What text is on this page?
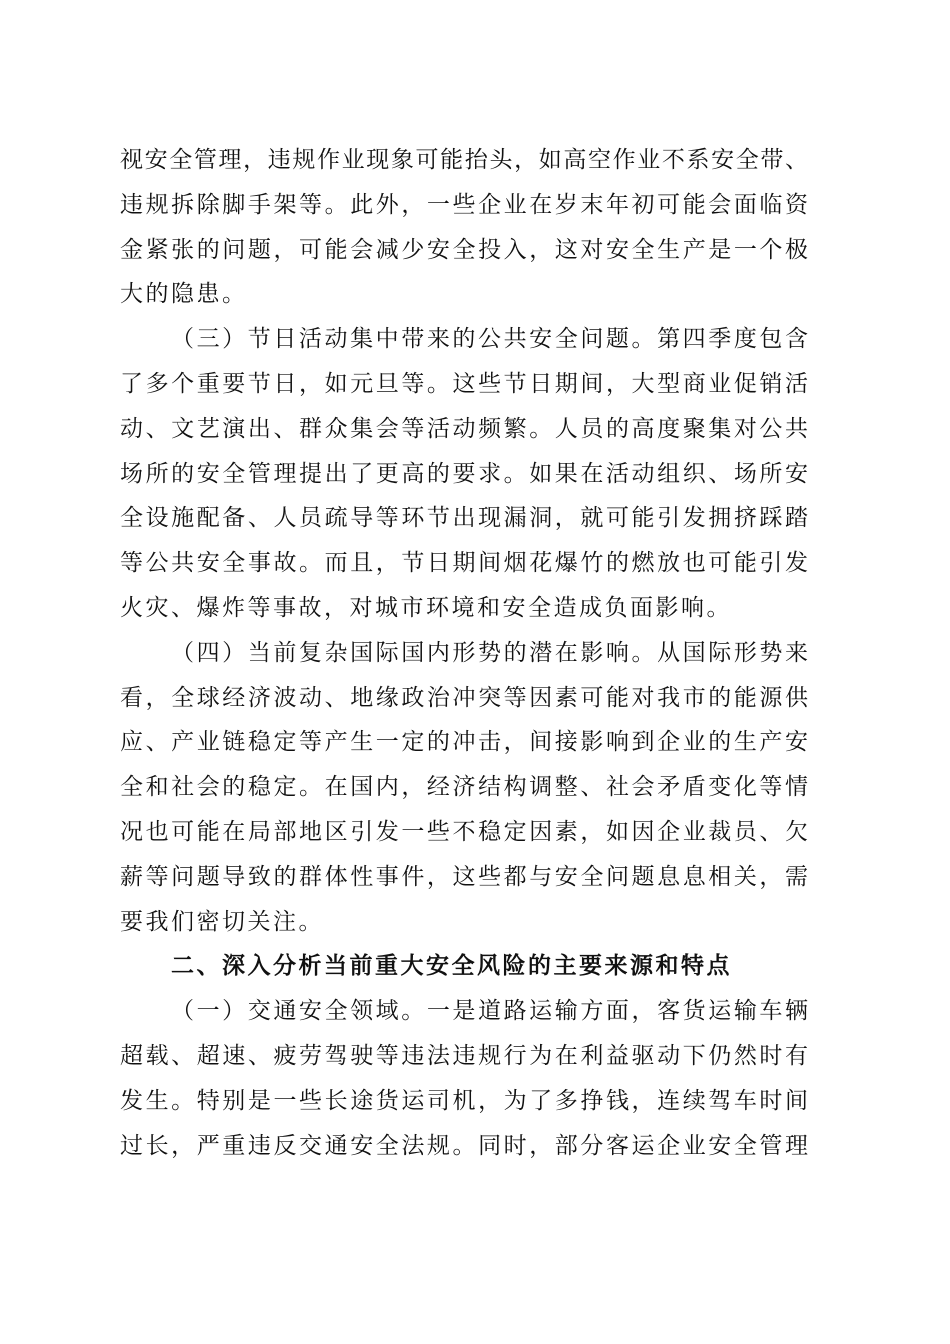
视安全管理，违规作业现象可能抬头，如高空作业不系安全带、
违规拆除脚手架等。此外，一些企业在岁末年初可能会面临资
金紧张的问题，可能会减少安全投入，这对安全生产是一个极
大的隐患。
（三）节日活动集中带来的公共安全问题。第四季度包含
了多个重要节日，如元旦等。这些节日期间，大型商业促销活
动、文艺演出、群众集会等活动频繁。人员的高度聚集对公共
场所的安全管理提出了更高的要求。如果在活动组织、场所安
全设施配备、人员疏导等环节出现漏洞，就可能引发拥挤踩踏
等公共安全事故。而且，节日期间烟花爆竹的燃放也可能引发
火灾、爆炸等事故，对城市环境和安全造成负面影响。
（四）当前复杂国际国内形势的潜在影响。从国际形势来
看，全球经济波动、地缘政治冲突等因素可能对我市的能源供
应、产业链稳定等产生一定的冲击，间接影响到企业的生产安
全和社会的稳定。在国内，经济结构调整、社会矛盾变化等情
况也可能在局部地区引发一些不稳定因素，如因企业裁员、欠
薪等问题导致的群体性事件，这些都与安全问题息息相关，需
要我们密切关注。
二、深入分析当前重大安全风险的主要来源和特点
（一）交通安全领域。一是道路运输方面，客货运输车辆
超载、超速、疲劳驾驶等违法违规行为在利益驱动下仍然时有
发生。特别是一些长途货运司机，为了多挣钱，连续驾车时间
过长，严重违反交通安全法规。同时，部分客运企业安全管理
